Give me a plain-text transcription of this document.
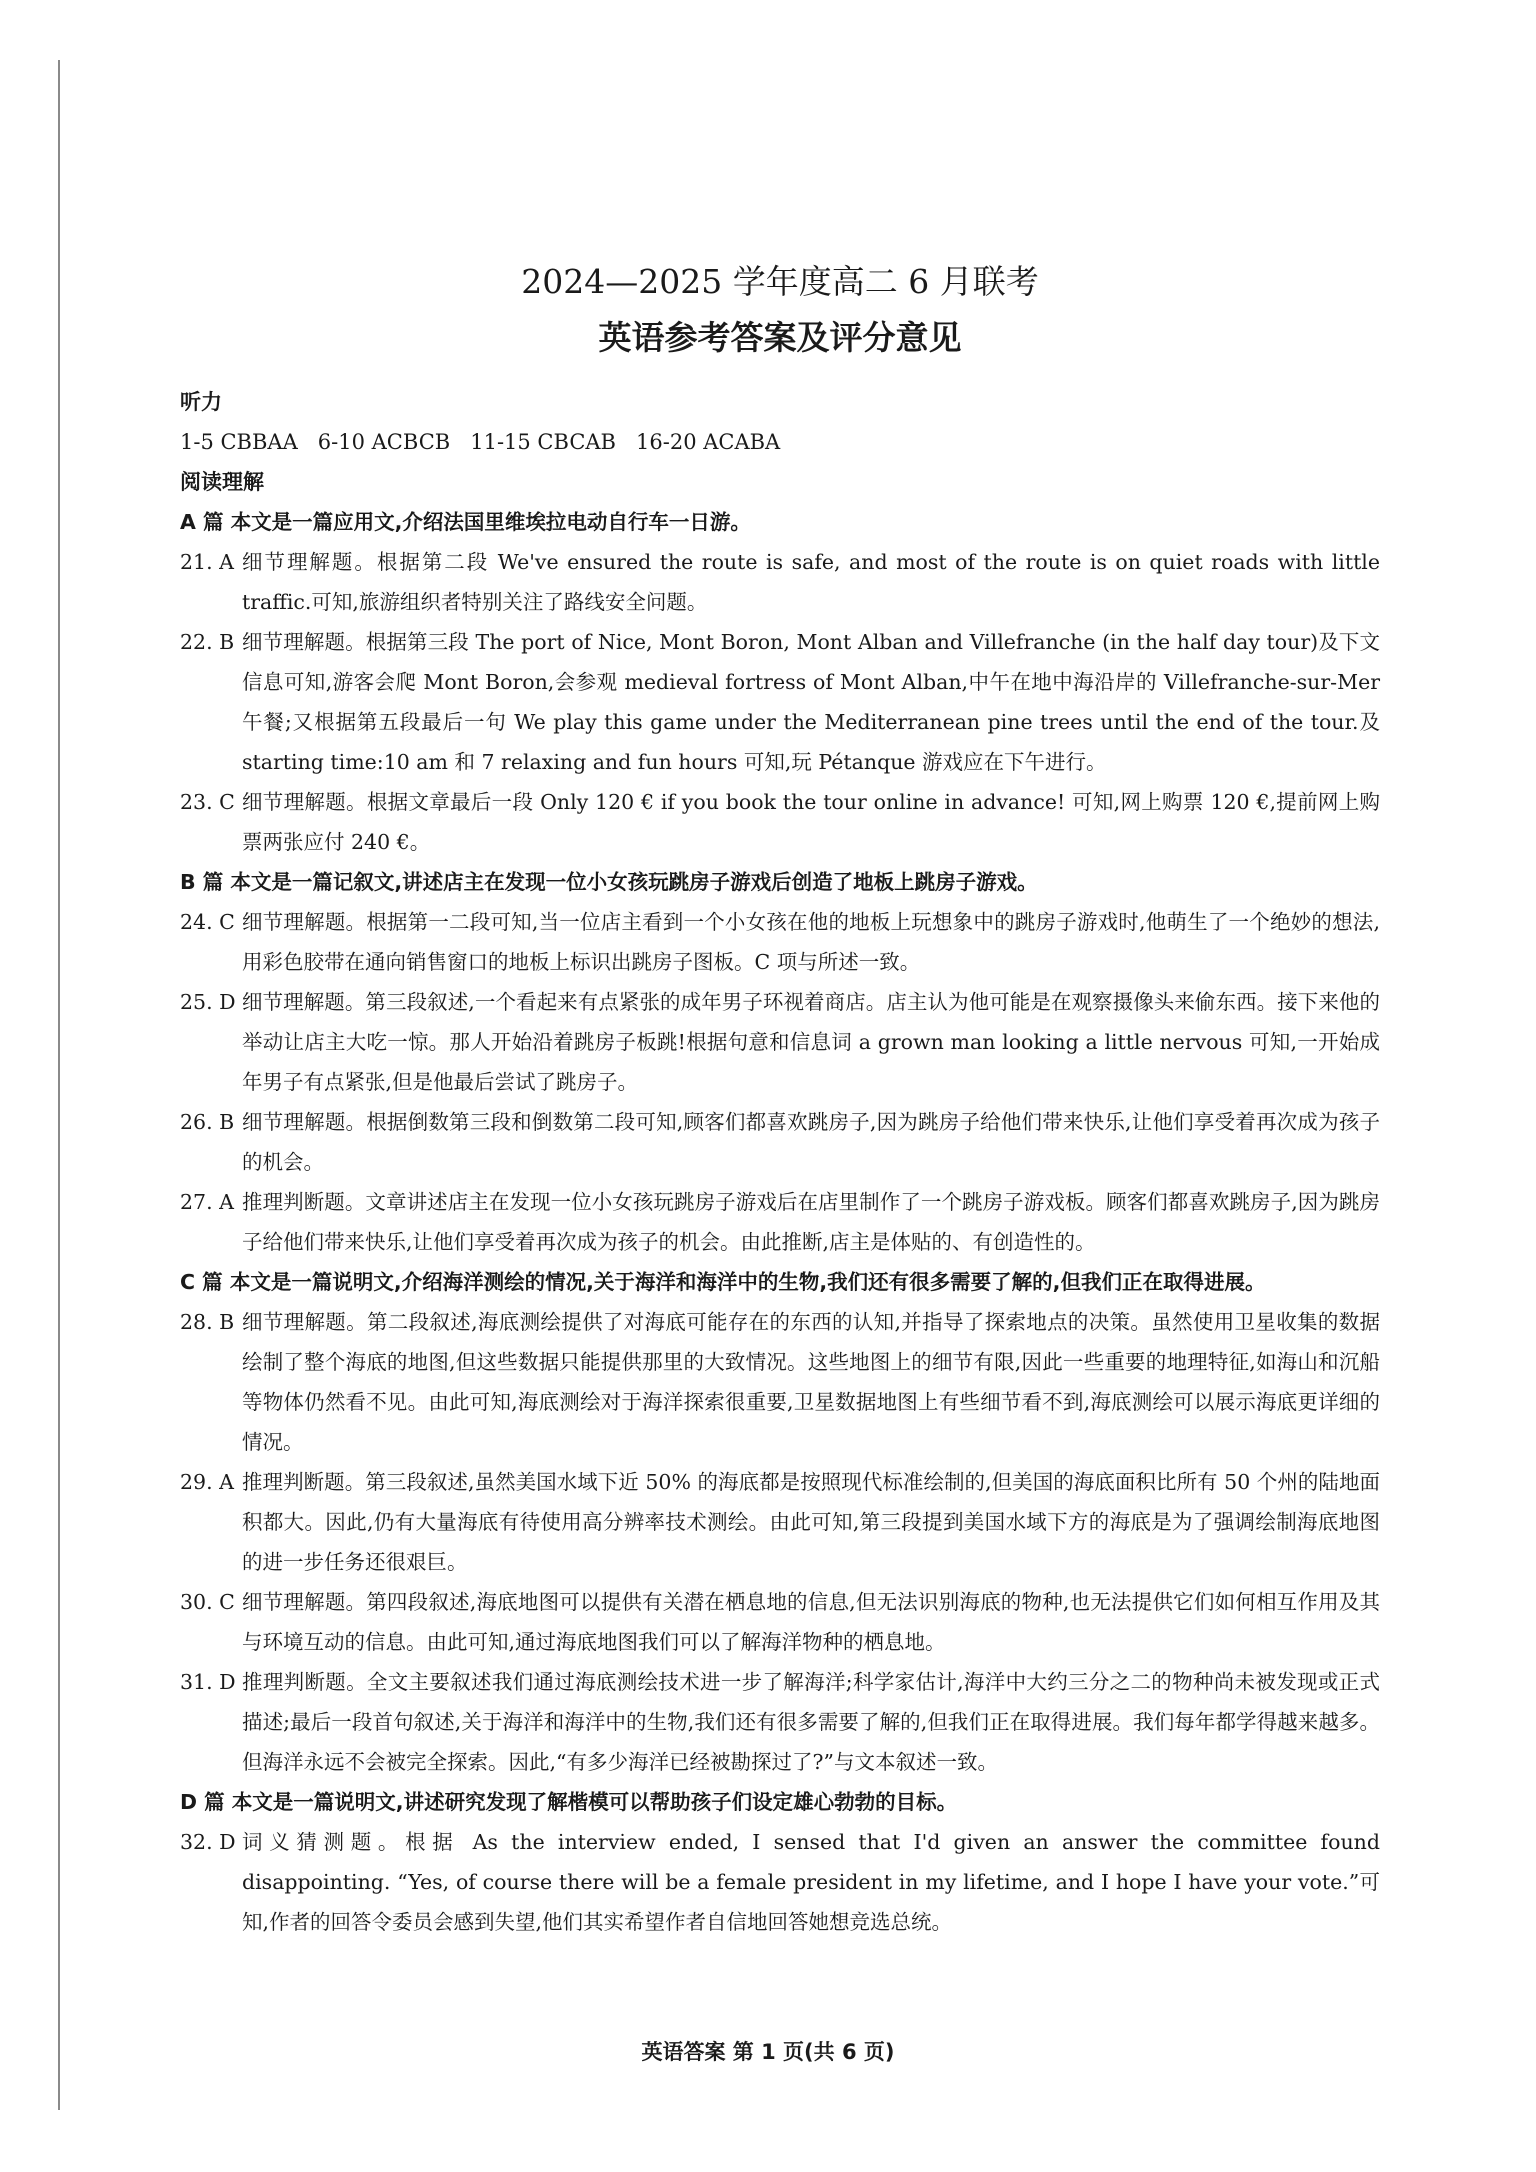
2024—2025 学年度高二 6 月联考
英语参考答案及评分意见

听力

1-5 CBBAA   6-10 ACBCB   11-15 CBCAB   16-20 ACABA

阅读理解

A 篇 本文是一篇应用文,介绍法国里维埃拉电动自行车一日游。

21. A 细节理解题。根据第二段 We've ensured the route is safe, and most of the route is on quiet roads with little traffic.可知,旅游组织者特别关注了路线安全问题。
22. B 细节理解题。根据第三段 The port of Nice, Mont Boron, Mont Alban and Villefranche (in the half day tour)及下文信息可知,游客会爬 Mont Boron,会参观 medieval fortress of Mont Alban,中午在地中海沿岸的 Villefranche-sur-Mer 午餐;又根据第五段最后一句 We play this game under the Mediterranean pine trees until the end of the tour.及 starting time:10 am 和 7 relaxing and fun hours 可知,玩 Pétanque 游戏应在下午进行。
23. C 细节理解题。根据文章最后一段 Only 120 € if you book the tour online in advance! 可知,网上购票 120 €,提前网上购票两张应付 240 €。

B 篇 本文是一篇记叙文,讲述店主在发现一位小女孩玩跳房子游戏后创造了地板上跳房子游戏。

24. C 细节理解题。根据第一二段可知,当一位店主看到一个小女孩在他的地板上玩想象中的跳房子游戏时,他萌生了一个绝妙的想法,用彩色胶带在通向销售窗口的地板上标识出跳房子图板。C 项与所述一致。
25. D 细节理解题。第三段叙述,一个看起来有点紧张的成年男子环视着商店。店主认为他可能是在观察摄像头来偷东西。接下来他的举动让店主大吃一惊。那人开始沿着跳房子板跳!根据句意和信息词 a grown man looking a little nervous 可知,一开始成年男子有点紧张,但是他最后尝试了跳房子。
26. B 细节理解题。根据倒数第三段和倒数第二段可知,顾客们都喜欢跳房子,因为跳房子给他们带来快乐,让他们享受着再次成为孩子的机会。
27. A 推理判断题。文章讲述店主在发现一位小女孩玩跳房子游戏后在店里制作了一个跳房子游戏板。顾客们都喜欢跳房子,因为跳房子给他们带来快乐,让他们享受着再次成为孩子的机会。由此推断,店主是体贴的、有创造性的。

C 篇 本文是一篇说明文,介绍海洋测绘的情况,关于海洋和海洋中的生物,我们还有很多需要了解的,但我们正在取得进展。

28. B 细节理解题。第二段叙述,海底测绘提供了对海底可能存在的东西的认知,并指导了探索地点的决策。虽然使用卫星收集的数据绘制了整个海底的地图,但这些数据只能提供那里的大致情况。这些地图上的细节有限,因此一些重要的地理特征,如海山和沉船等物体仍然看不见。由此可知,海底测绘对于海洋探索很重要,卫星数据地图上有些细节看不到,海底测绘可以展示海底更详细的情况。
29. A 推理判断题。第三段叙述,虽然美国水域下近 50% 的海底都是按照现代标准绘制的,但美国的海底面积比所有 50 个州的陆地面积都大。因此,仍有大量海底有待使用高分辨率技术测绘。由此可知,第三段提到美国水域下方的海底是为了强调绘制海底地图的进一步任务还很艰巨。
30. C 细节理解题。第四段叙述,海底地图可以提供有关潜在栖息地的信息,但无法识别海底的物种,也无法提供它们如何相互作用及其与环境互动的信息。由此可知,通过海底地图我们可以了解海洋物种的栖息地。
31. D 推理判断题。全文主要叙述我们通过海底测绘技术进一步了解海洋;科学家估计,海洋中大约三分之二的物种尚未被发现或正式描述;最后一段首句叙述,关于海洋和海洋中的生物,我们还有很多需要了解的,但我们正在取得进展。我们每年都学得越来越多。但海洋永远不会被完全探索。因此,“有多少海洋已经被勘探过了?”与文本叙述一致。

D 篇 本文是一篇说明文,讲述研究发现了解楷模可以帮助孩子们设定雄心勃勃的目标。

32. D 词义猜测题。根据 As the interview ended, I sensed that I'd given an answer the committee found disappointing. “Yes, of course there will be a female president in my lifetime, and I hope I have your vote.”可知,作者的回答令委员会感到失望,他们其实希望作者自信地回答她想竞选总统。
英语答案 第 1 页(共 6 页)
